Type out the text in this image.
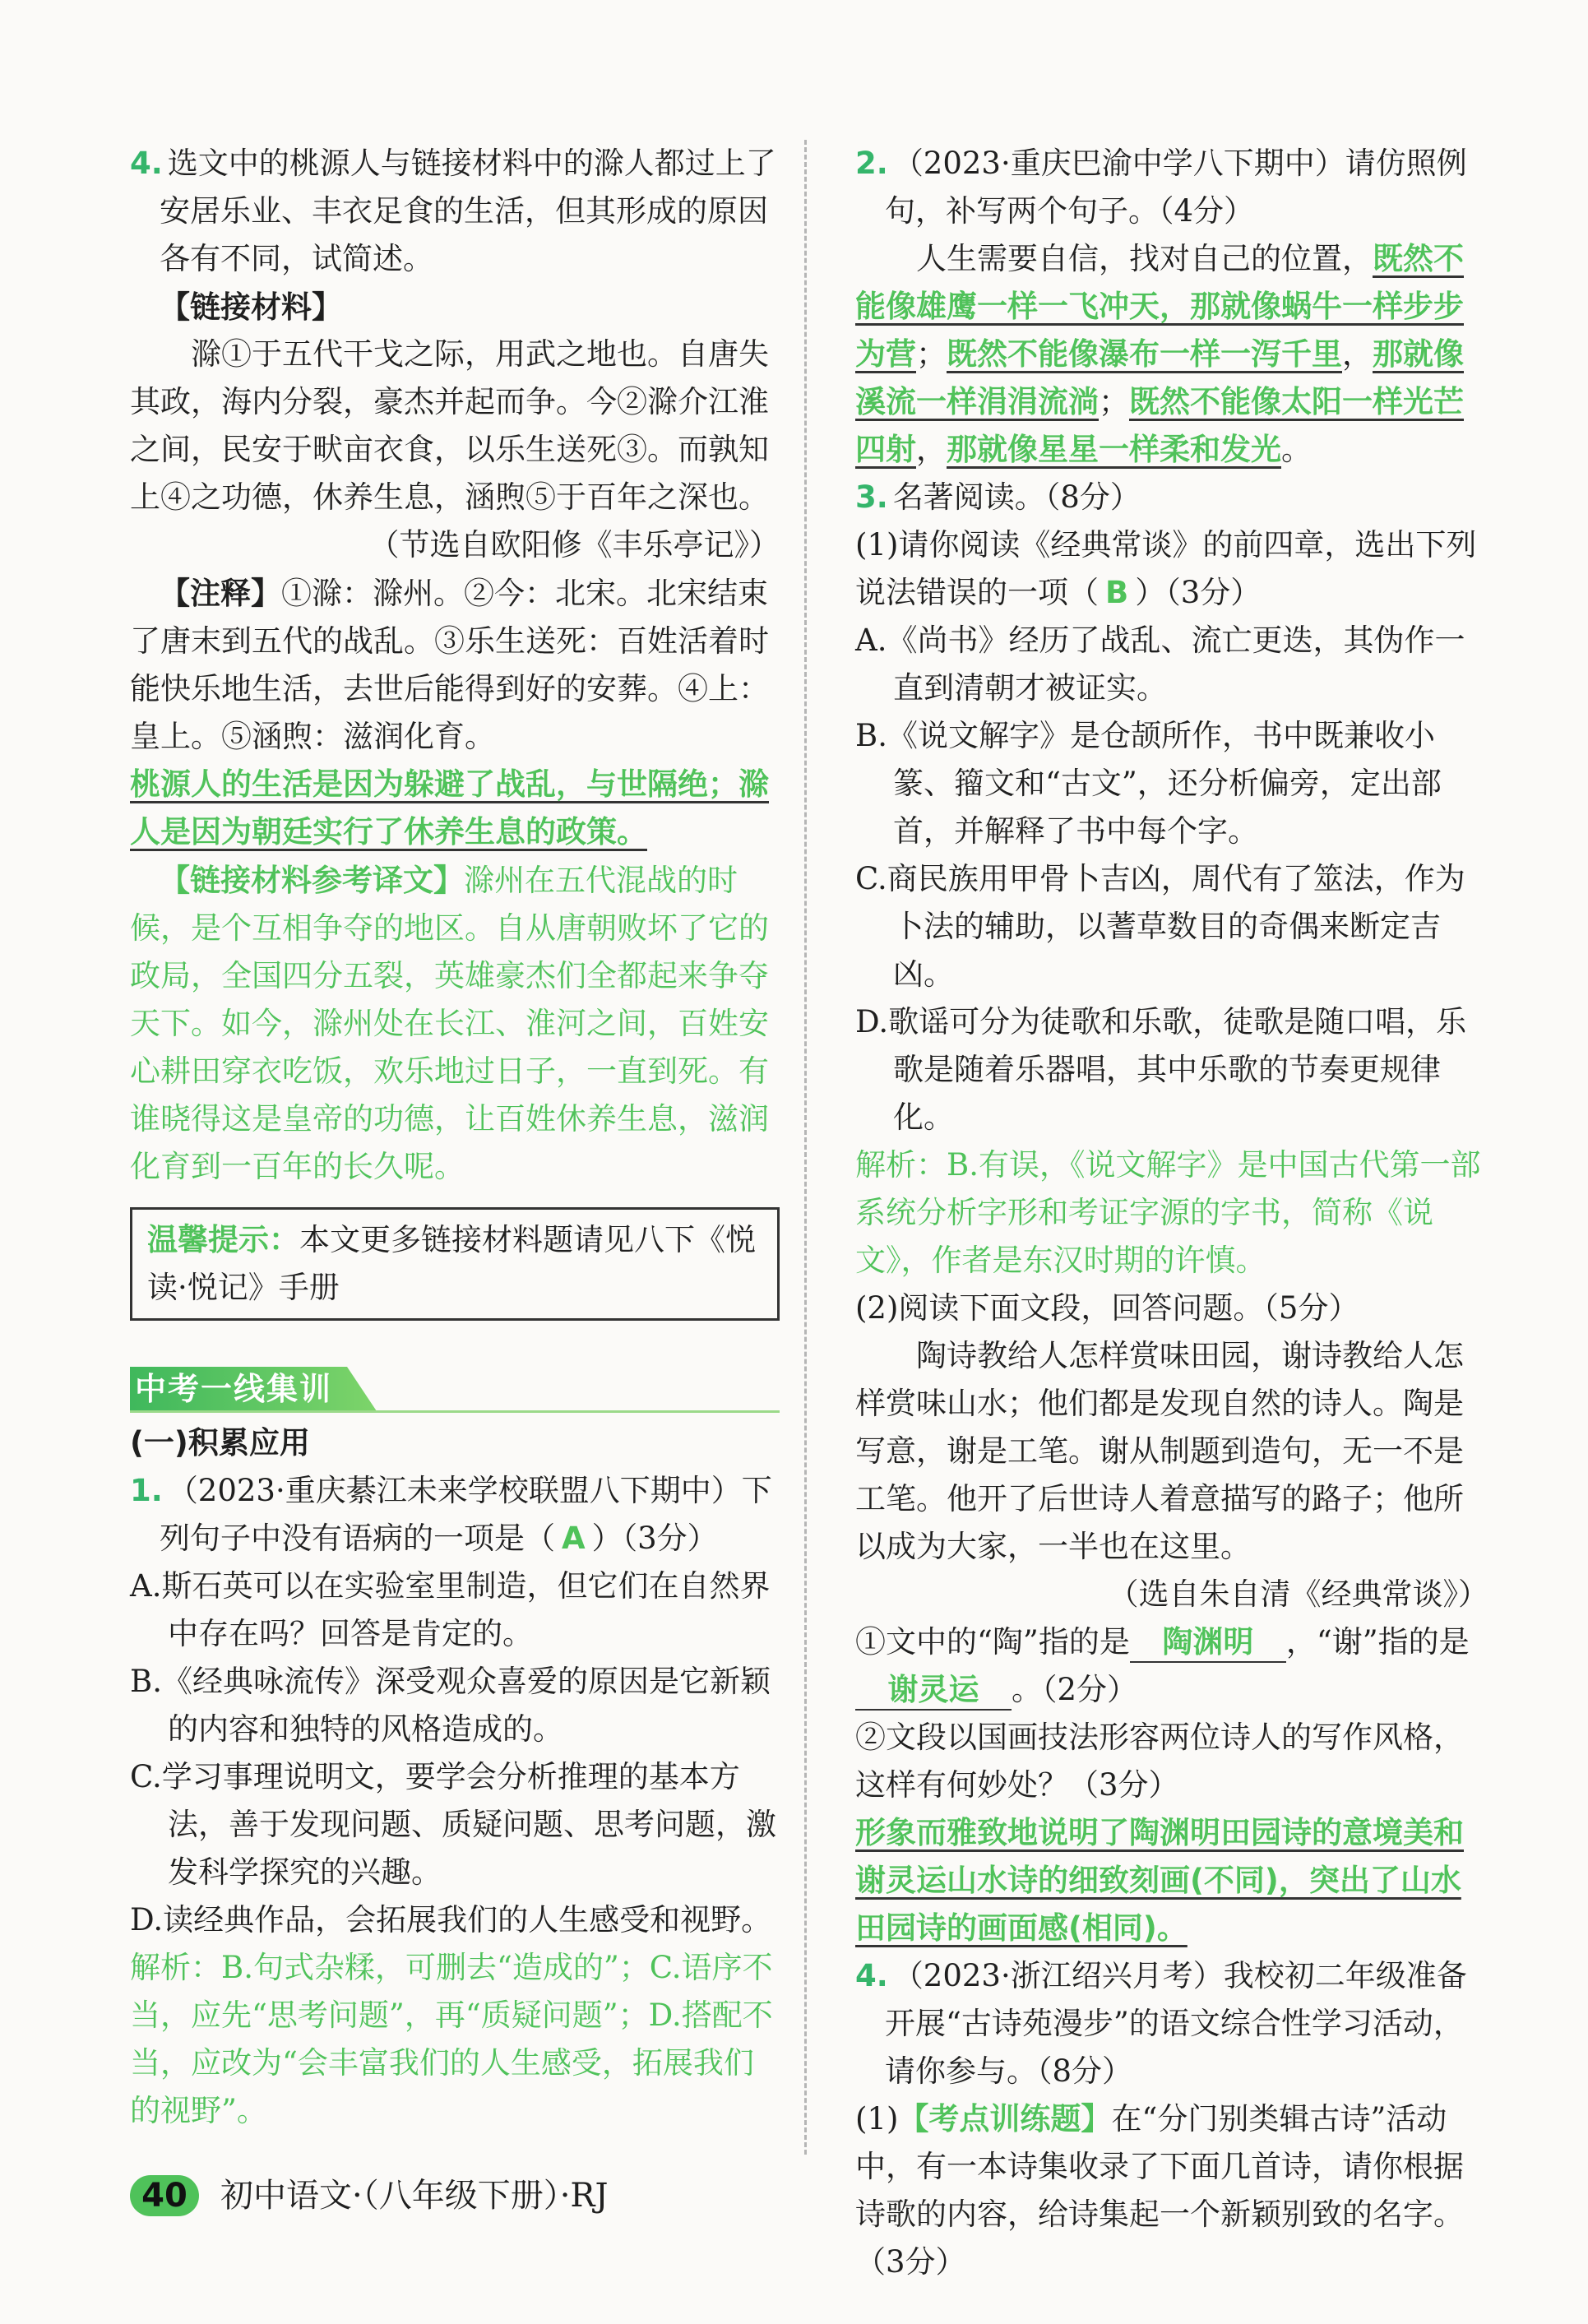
4. 选文中的桃源人与链接材料中的滁人都过上了安居乐业、丰衣足食的生活，但其形成的原因各有不同，试简述。

【链接材料】

滁①于五代干戈之际，用武之地也。自唐失其政，海内分裂，豪杰并起而争。今②滁介江淮之间，民安于畎亩衣食，以乐生送死③。而孰知上④之功德，休养生息，涵煦⑤于百年之深也。

（节选自欧阳修《丰乐亭记》）

【注释】①滁：滁州。②今：北宋。北宋结束了唐末到五代的战乱。③乐生送死：百姓活着时能快乐地生活，去世后能得到好的安葬。④上：皇上。⑤涵煦：滋润化育。

桃源人的生活是因为躲避了战乱，与世隔绝；滁人是因为朝廷实行了休养生息的政策。

【链接材料参考译文】滁州在五代混战的时候，是个互相争夺的地区。自从唐朝败坏了它的政局，全国四分五裂，英雄豪杰们全都起来争夺天下。如今，滁州处在长江、淮河之间，百姓安心耕田穿衣吃饭，欢乐地过日子，一直到死。有谁晓得这是皇帝的功德，让百姓休养生息，滋润化育到一百年的长久呢。

温馨提示：本文更多链接材料题请见八下《悦读·悦记》手册
中考一线集训

(一)积累应用

1. （2023·重庆綦江未来学校联盟八下期中）下列句子中没有语病的一项是（ A ）（3分）

A.斯石英可以在实验室里制造，但它们在自然界中存在吗？回答是肯定的。

B.《经典咏流传》深受观众喜爱的原因是它新颖的内容和独特的风格造成的。

C.学习事理说明文，要学会分析推理的基本方法，善于发现问题、质疑问题、思考问题，激发科学探究的兴趣。

D.读经典作品，会拓展我们的人生感受和视野。

解析：B.句式杂糅，可删去“造成的”；C.语序不当，应先“思考问题”，再“质疑问题”；D.搭配不当，应改为“会丰富我们的人生感受，拓展我们的视野”。

2. （2023·重庆巴渝中学八下期中）请仿照例句，补写两个句子。（4分）

人生需要自信，找对自己的位置，既然不能像雄鹰一样一飞冲天，那就像蜗牛一样步步为营；既然不能像瀑布一样一泻千里，那就像溪流一样涓涓流淌；既然不能像太阳一样光芒四射，那就像星星一样柔和发光。

3. 名著阅读。（8分）

(1)请你阅读《经典常谈》的前四章，选出下列说法错误的一项（ B ）（3分）

A.《尚书》经历了战乱、流亡更迭，其伪作一直到清朝才被证实。

B.《说文解字》是仓颉所作，书中既兼收小篆、籀文和“古文”，还分析偏旁，定出部首，并解释了书中每个字。

C.商民族用甲骨卜吉凶，周代有了筮法，作为卜法的辅助，以蓍草数目的奇偶来断定吉凶。

D.歌谣可分为徒歌和乐歌，徒歌是随口唱，乐歌是随着乐器唱，其中乐歌的节奏更规律化。

解析：B.有误，《说文解字》是中国古代第一部系统分析字形和考证字源的字书，简称《说文》，作者是东汉时期的许慎。

(2)阅读下面文段，回答问题。（5分）

陶诗教给人怎样赏味田园，谢诗教给人怎样赏味山水；他们都是发现自然的诗人。陶是写意，谢是工笔。谢从制题到造句，无一不是工笔。他开了后世诗人着意描写的路子；他所以成为大家，一半也在这里。

（选自朱自清《经典常谈》）

①文中的“陶”指的是 陶渊明 ，“谢”指的是谢灵运 。（2分）

②文段以国画技法形容两位诗人的写作风格，这样有何妙处？（3分）

形象而雅致地说明了陶渊明田园诗的意境美和谢灵运山水诗的细致刻画(不同)，突出了山水田园诗的画面感(相同)。

4. （2023·浙江绍兴月考）我校初二年级准备开展“古诗苑漫步”的语文综合性学习活动，请你参与。（8分）

(1)【考点训练题】在“分门别类辑古诗”活动中，有一本诗集收录了下面几首诗，请你根据诗歌的内容，给诗集起一个新颖别致的名字。（3分）

40	初中语文·（八年级下册）·RJ
